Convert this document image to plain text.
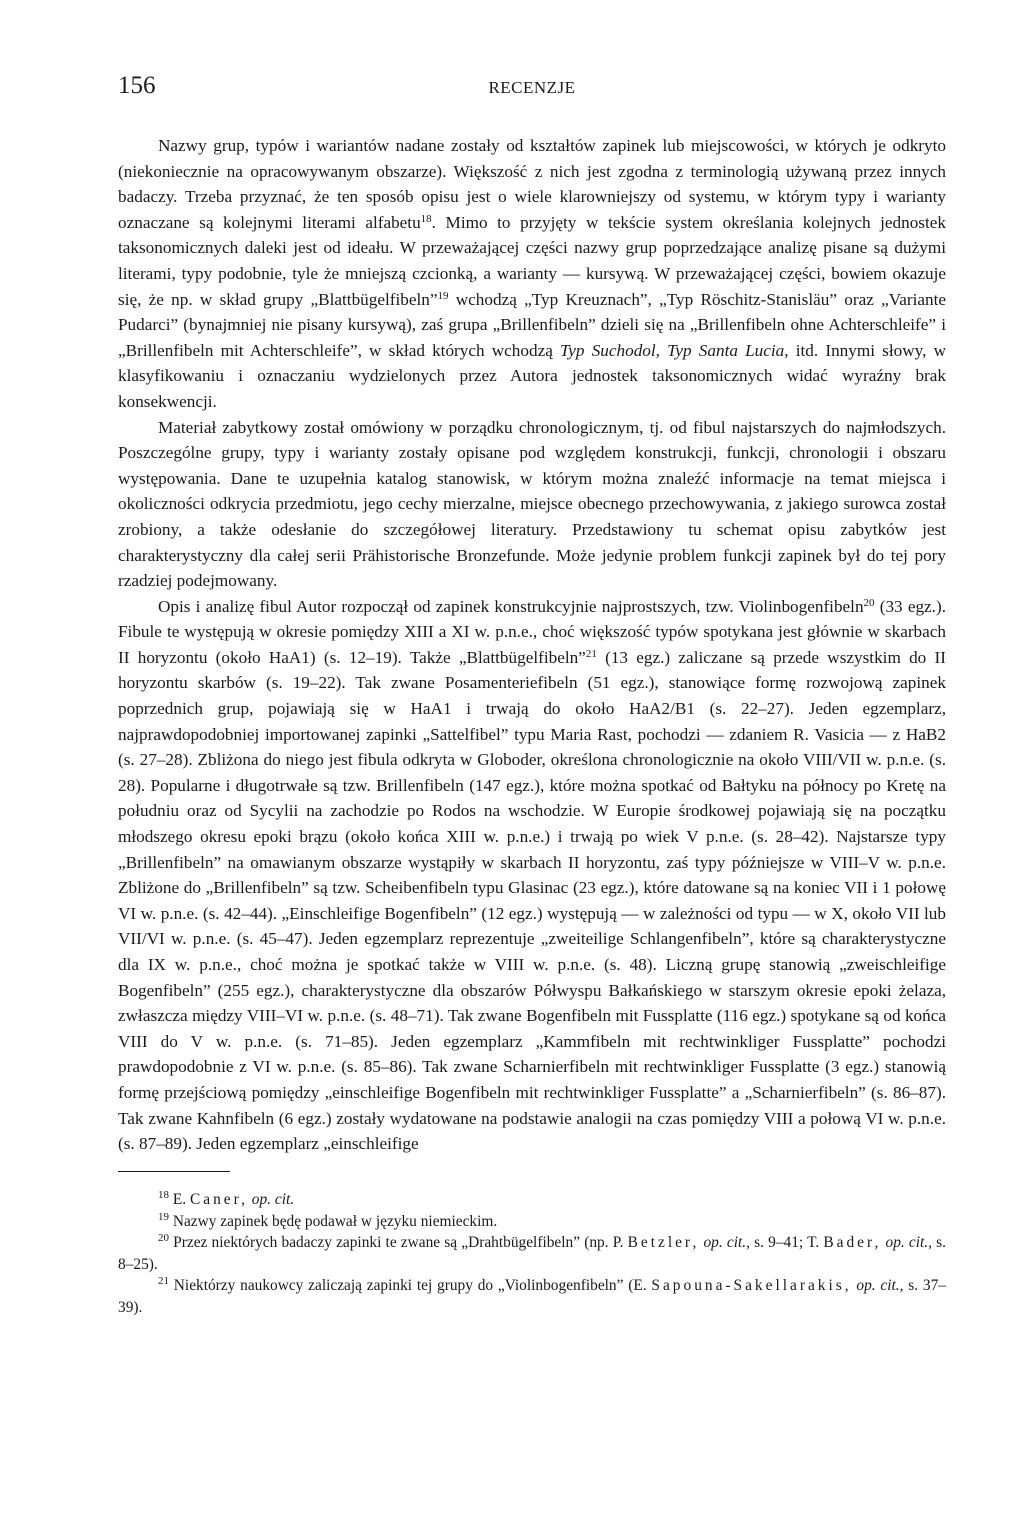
156	RECENZJE

Nazwy grup, typów i wariantów nadane zostały od kształtów zapinek lub miejscowości, w których je odkryto (niekoniecznie na opracowywanym obszarze). Większość z nich jest zgodna z terminologią używaną przez innych badaczy. Trzeba przyznać, że ten sposób opisu jest o wiele klarowniejszy od systemu, w którym typy i warianty oznaczane są kolejnymi literami alfabetu$^{18}$. Mimo to przyjęty w tekście system określania kolejnych jednostek taksonomicznych daleki jest od ideału. W przeważającej części nazwy grup poprzedzające analizę pisane są dużymi literami, typy podobnie, tyle że mniejszą czcionką, a warianty — kursywą. W przeważającej części, bowiem okazuje się, że np. w skład grupy „Blattbügelfibeln”$^{19}$ wchodzą „Typ Kreuznach”, „Typ Röschitz-Stanisläu” oraz „Variante Pudarci” (bynajmniej nie pisany kursywą), zaś grupa „Brillenfibeln” dzieli się na „Brillenfibeln ohne Achterschleife” i „Brillenfibeln mit Achterschleife”, w skład których wchodzą Typ Suchodol, Typ Santa Lucia, itd. Innymi słowy, w klasyfikowaniu i oznaczaniu wydzielonych przez Autora jednostek taksonomicznych widać wyraźny brak konsekwencji.

Materiał zabytkowy został omówiony w porządku chronologicznym, tj. od fibul najstarszych do najmłodszych. Poszczególne grupy, typy i warianty zostały opisane pod względem konstrukcji, funkcji, chronologii i obszaru występowania. Dane te uzupełnia katalog stanowisk, w którym można znaleźć informacje na temat miejsca i okoliczności odkrycia przedmiotu, jego cechy mierzalne, miejsce obecnego przechowywania, z jakiego surowca został zrobiony, a także odesłanie do szczegółowej literatury. Przedstawiony tu schemat opisu zabytków jest charakterystyczny dla całej serii Prähistorische Bronzefunde. Może jedynie problem funkcji zapinek był do tej pory rzadziej podejmowany.

Opis i analizę fibul Autor rozpoczął od zapinek konstrukcyjnie najprostszych, tzw. Violinbogenfibeln$^{20}$ (33 egz.). Fibule te występują w okresie pomiędzy XIII a XI w. p.n.e., choć większość typów spotykana jest głównie w skarbach II horyzontu (około HaA1) (s. 12–19). Także „Blattbügelfibeln”$^{21}$ (13 egz.) zaliczane są przede wszystkim do II horyzontu skarbów (s. 19–22). Tak zwane Posamenteriefibeln (51 egz.), stanowiące formę rozwojową zapinek poprzednich grup, pojawiają się w HaA1 i trwają do około HaA2/B1 (s. 22–27). Jeden egzemplarz, najprawdopodobniej importowanej zapinki „Sattelfibel” typu Maria Rast, pochodzi — zdaniem R. Vasicia — z HaB2 (s. 27–28). Zbliżona do niego jest fibula odkryta w Globoder, określona chronologicznie na około VIII/VII w. p.n.e. (s. 28). Popularne i długotrwałe są tzw. Brillenfibeln (147 egz.), które można spotkać od Bałtyku na północy po Kretę na południu oraz od Sycylii na zachodzie po Rodos na wschodzie. W Europie środkowej pojawiają się na początku młodszego okresu epoki brązu (około końca XIII w. p.n.e.) i trwają po wiek V p.n.e. (s. 28–42). Najstarsze typy „Brillenfibeln” na omawianym obszarze wystąpiły w skarbach II horyzontu, zaś typy późniejsze w VIII–V w. p.n.e. Zbliżone do „Brillenfibeln” są tzw. Scheibenfibeln typu Glasinac (23 egz.), które datowane są na koniec VII i 1 połowę VI w. p.n.e. (s. 42–44). „Einschleifige Bogenfibeln” (12 egz.) występują — w zależności od typu — w X, około VII lub VII/VI w. p.n.e. (s. 45–47). Jeden egzemplarz reprezentuje „zweiteilige Schlangenfibeln”, które są charakterystyczne dla IX w. p.n.e., choć można je spotkać także w VIII w. p.n.e. (s. 48). Liczną grupę stanowią „zweischleifige Bogenfibeln” (255 egz.), charakterystyczne dla obszarów Półwyspu Bałkańskiego w starszym okresie epoki żelaza, zwłaszcza między VIII–VI w. p.n.e. (s. 48–71). Tak zwane Bogenfibeln mit Fussplatte (116 egz.) spotykane są od końca VIII do V w. p.n.e. (s. 71–85). Jeden egzemplarz „Kammfibeln mit rechtwinkliger Fussplatte” pochodzi prawdopodobnie z VI w. p.n.e. (s. 85–86). Tak zwane Scharnierfibeln mit rechtwinkliger Fussplatte (3 egz.) stanowią formę przejściową pomiędzy „einschleifige Bogenfibeln mit rechtwinkliger Fussplatte” a „Scharnierfibeln” (s. 86–87). Tak zwane Kahnfibeln (6 egz.) zostały wydatowane na podstawie analogii na czas pomiędzy VIII a połową VI w. p.n.e. (s. 87–89). Jeden egzemplarz „einschleifige

$^{18}$ E. Caner, op. cit.

$^{19}$ Nazwy zapinek będę podawał w języku niemieckim.

$^{20}$ Przez niektórych badaczy zapinki te zwane są „Drahtbügelfibeln” (np. P. Betzler, op. cit., s. 9–41; T. Bader, op. cit., s. 8–25).

$^{21}$ Niektórzy naukowcy zaliczają zapinki tej grupy do „Violinbogenfibeln” (E. Sapouna-Sakellarakis, op. cit., s. 37–39).
